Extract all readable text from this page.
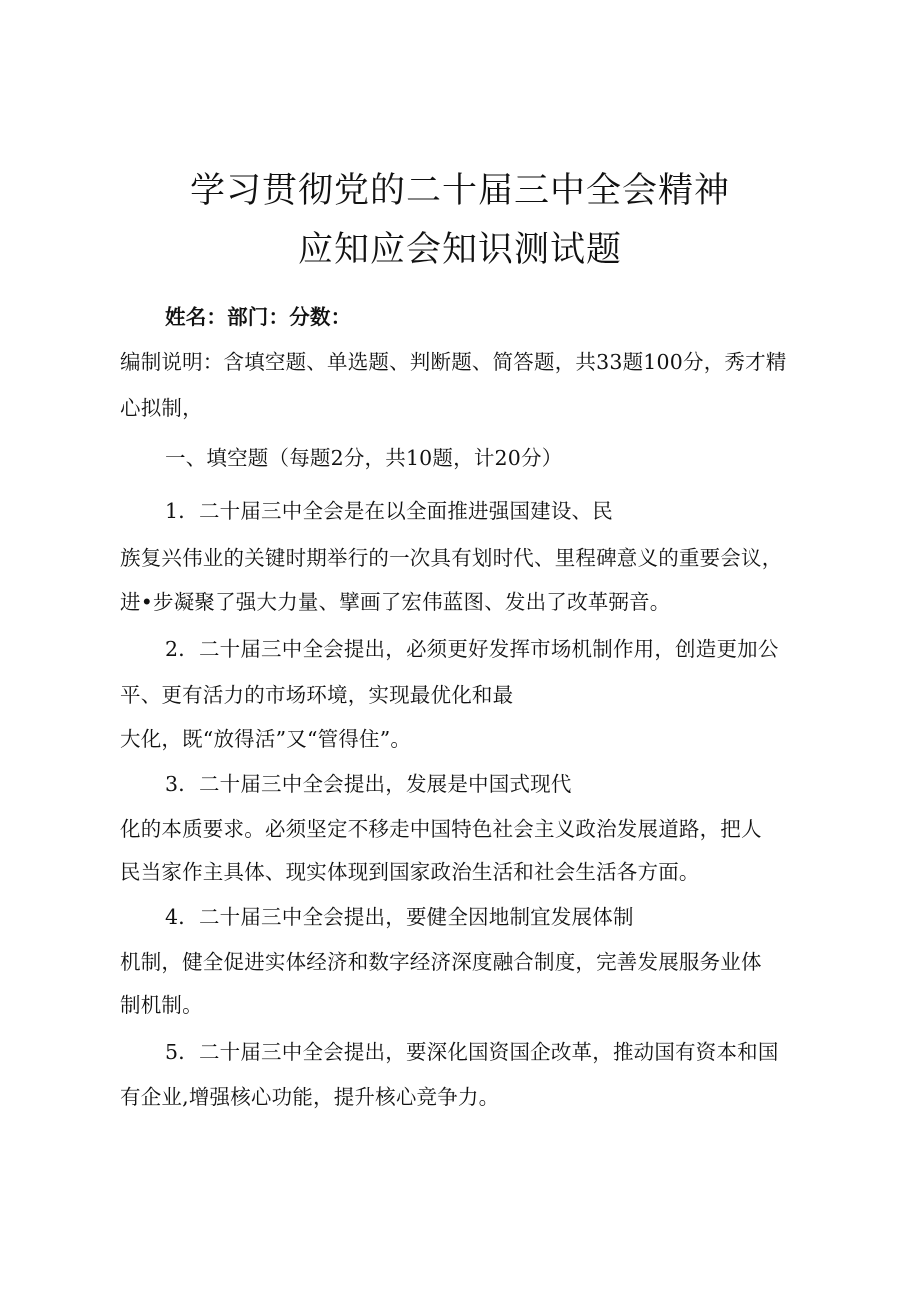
学习贯彻党的二十届三中全会精神
应知应会知识测试题
姓名：部门：分数：
编制说明：含填空题、单选题、判断题、简答题，共33题100分，秀才精
心拟制，
一、填空题（每题2分，共10题，计20分）
1．二十届三中全会是在以全面推进强国建设、民
族复兴伟业的关键时期举行的一次具有划时代、里程碑意义的重要会议，
进•步凝聚了强大力量、擘画了宏伟蓝图、发出了改革弼音。
2．二十届三中全会提出，必须更好发挥市场机制作用，创造更加公
平、更有活力的市场环境，实现最优化和最
大化，既“放得活”又“管得住”。
3．二十届三中全会提出，发展是中国式现代
化的本质要求。必须坚定不移走中国特色社会主义政治发展道路，把人
民当家作主具体、现实体现到国家政治生活和社会生活各方面。
4．二十届三中全会提出，要健全因地制宜发展体制
机制，健全促进实体经济和数字经济深度融合制度，完善发展服务业体
制机制。
5．二十届三中全会提出，要深化国资国企改革，推动国有资本和国
有企业,增强核心功能，提升核心竞争力。
